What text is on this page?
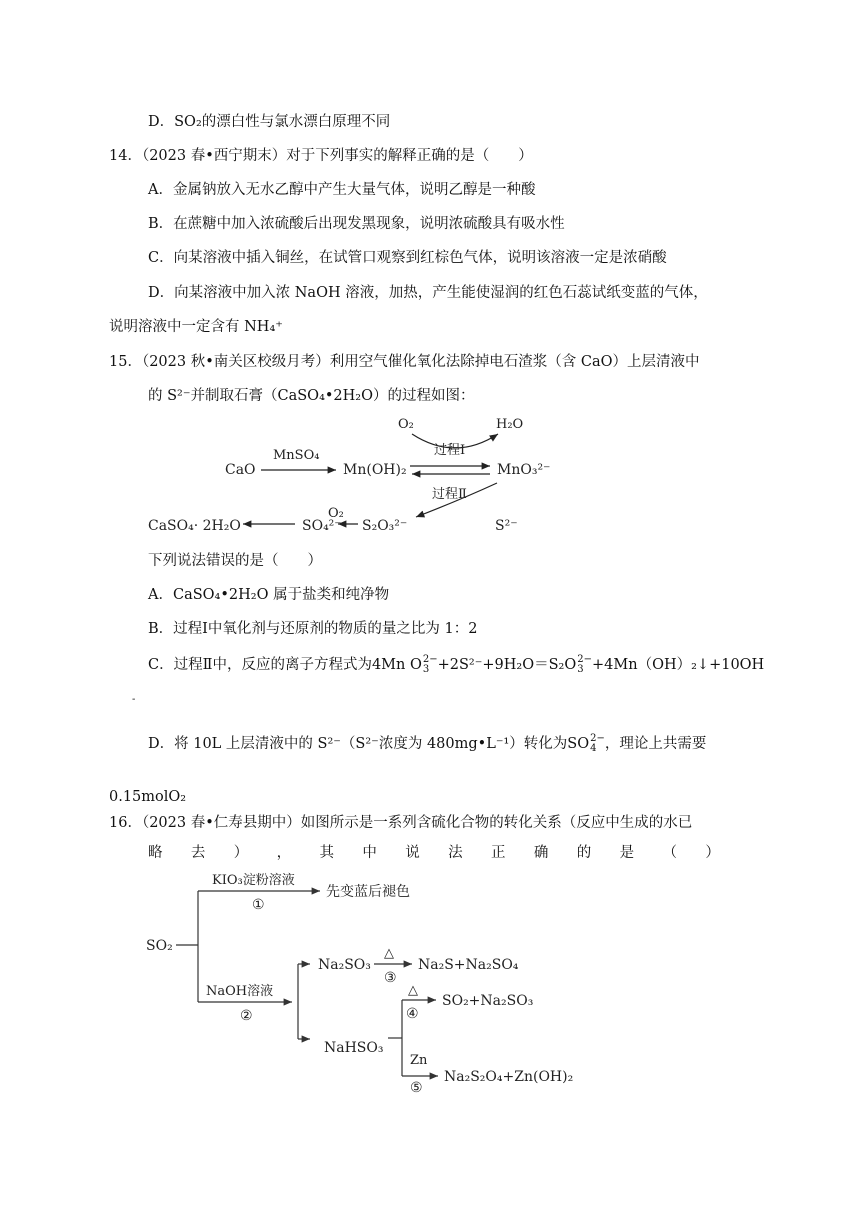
D．SO₂的漂白性与氯水漂白原理不同
14．（2023 春•西宁期末）对于下列事实的解释正确的是（　　）
A．金属钠放入无水乙醇中产生大量气体，说明乙醇是一种酸
B．在蔗糖中加入浓硫酸后出现发黑现象，说明浓硫酸具有吸水性
C．向某溶液中插入铜丝，在试管口观察到红棕色气体，说明该溶液一定是浓硝酸
D．向某溶液中加入浓 NaOH 溶液，加热，产生能使湿润的红色石蕊试纸变蓝的气体，
说明溶液中一定含有 NH₄⁺
15．（2023 秋•南关区校级月考）利用空气催化氧化法除掉电石渣浆（含 CaO）上层清液中
的 S²⁻并制取石膏（CaSO₄•2H₂O）的过程如图：
CaO
MnSO₄
Mn(OH)₂	MnO₃²⁻
O₂	H₂O
过程Ⅰ
过程Ⅱ
S²⁻
S₂O₃²⁻
O₂
SO₄²⁻
CaSO₄· 2H₂O
下列说法错误的是（　　）
A．CaSO₄•2H₂O 属于盐类和纯净物
B．过程Ⅰ中氧化剂与还原剂的物质的量之比为 1：2
C．过程Ⅱ中，反应的离子方程式为4Mn O 2−
3 +2S²⁻+9H₂O＝S₂O 2−
3 +4Mn（OH）₂↓+10OH
-
D．将 10L 上层清液中的 S²⁻（S²⁻浓度为 480mg•L⁻¹）转化为SO 2−
4 ，理论上共需要
0.15molO₂
16．（2023 春•仁寿县期中）如图所示是一系列含硫化合物的转化关系（反应中生成的水已
略 去 ） ， 其 中 说 法 正 确 的 是 （ ）
SO₂
KIO₃淀粉溶液
①
先变蓝后褪色
NaOH溶液
②
Na₂SO₃
△
③
Na₂S+Na₂SO₄
NaHSO₃
△
④
SO₂+Na₂SO₃
Zn
⑤
Na₂S₂O₄+Zn(OH)₂
